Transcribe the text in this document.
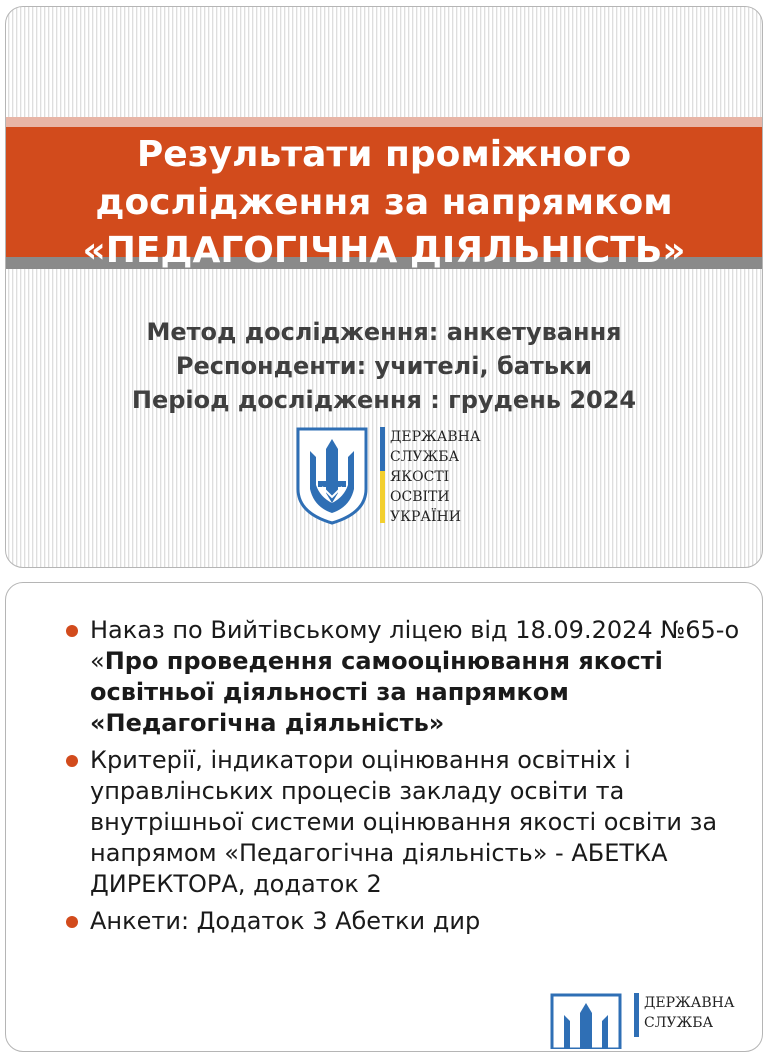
Результати проміжного
дослідження за напрямком
«ПЕДАГОГІЧНА ДІЯЛЬНІСТЬ»
Метод дослідження: анкетування
Респонденти: учителі, батьки
Період дослідження : грудень 2024
ДЕРЖАВНА
СЛУЖБА
ЯКОСТІ
ОСВІТИ
УКРАЇНИ
Наказ по Вийтівському ліцею від 18.09.2024 №65-о «Про проведення самооцінювання якості освітньої діяльності за напрямком «Педагогічна діяльність»
Критерії, індикатори оцінювання освітніх і управлінських процесів закладу освіти та внутрішньої системи оцінювання якості освіти за напрямом «Педагогічна діяльність» - АБЕТКА ДИРЕКТОРА, додаток 2
Анкети: Додаток 3 Абетки дир
ДЕРЖАВНА
СЛУЖБА
